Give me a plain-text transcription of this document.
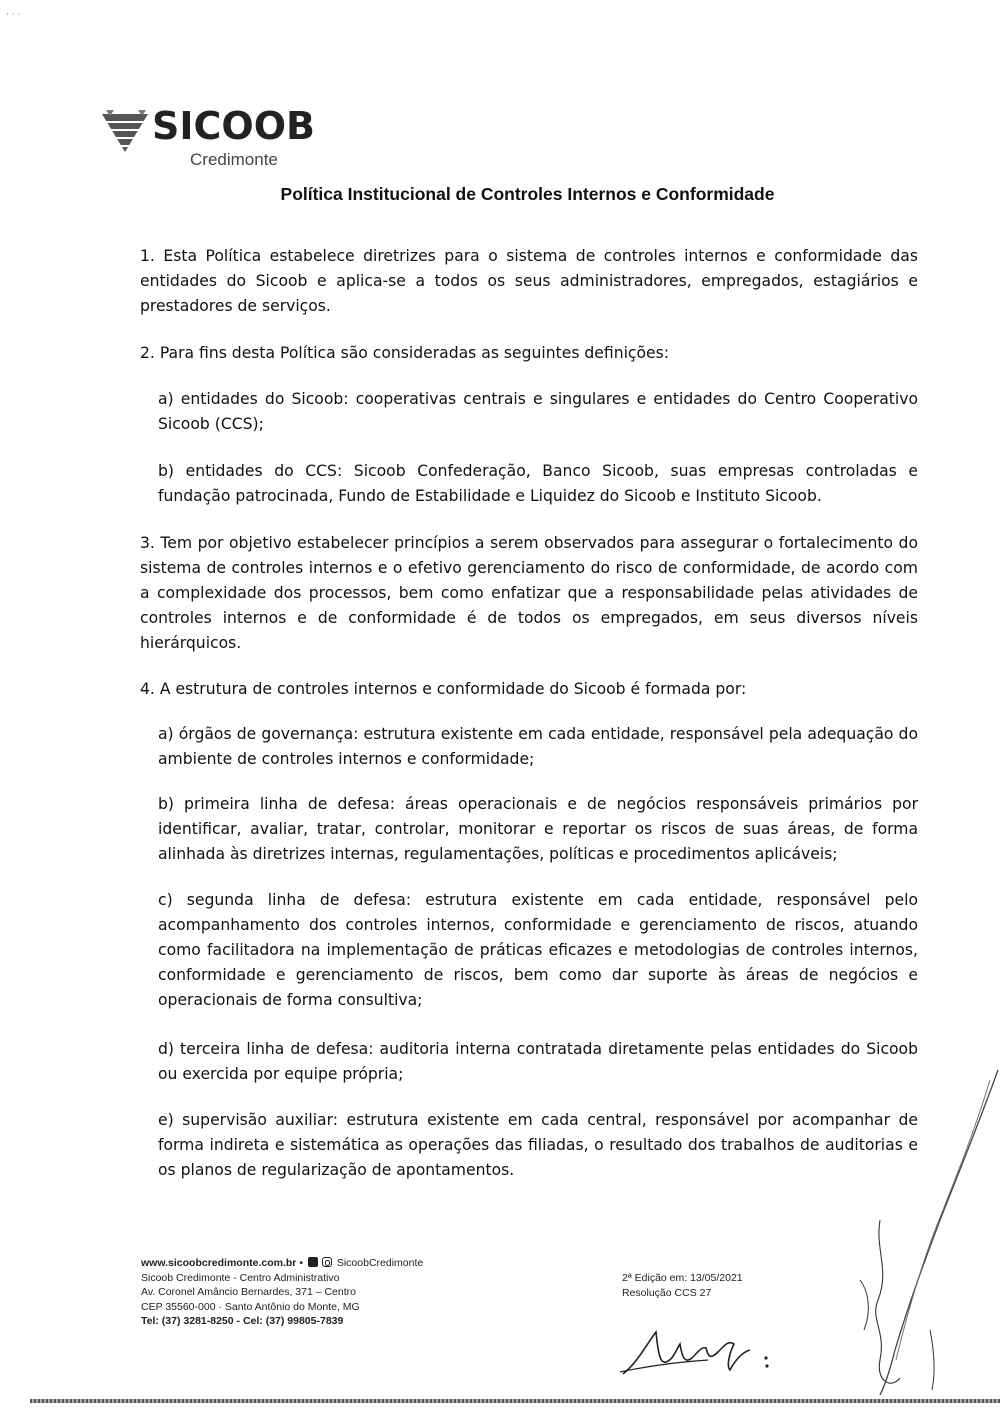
· · ·
SICOOB
Credimonte
Política Institucional de Controles Internos e Conformidade
1. Esta Política estabelece diretrizes para o sistema de controles internos e conformidade das entidades do Sicoob e aplica-se a todos os seus administradores, empregados, estagiários e prestadores de serviços.
2. Para fins desta Política são consideradas as seguintes definições:
a) entidades do Sicoob: cooperativas centrais e singulares e entidades do Centro Cooperativo Sicoob (CCS);
b) entidades do CCS: Sicoob Confederação, Banco Sicoob, suas empresas controladas e fundação patrocinada, Fundo de Estabilidade e Liquidez do Sicoob e Instituto Sicoob.
3. Tem por objetivo estabelecer princípios a serem observados para assegurar o fortalecimento do sistema de controles internos e o efetivo gerenciamento do risco de conformidade, de acordo com a complexidade dos processos, bem como enfatizar que a responsabilidade pelas atividades de controles internos e de conformidade é de todos os empregados, em seus diversos níveis hierárquicos.
4. A estrutura de controles internos e conformidade do Sicoob é formada por:
a) órgãos de governança: estrutura existente em cada entidade, responsável pela adequação do ambiente de controles internos e conformidade;
b) primeira linha de defesa: áreas operacionais e de negócios responsáveis primários por identificar, avaliar, tratar, controlar, monitorar e reportar os riscos de suas áreas, de forma alinhada às diretrizes internas, regulamentações, políticas e procedimentos aplicáveis;
c) segunda linha de defesa: estrutura existente em cada entidade, responsável pelo acompanhamento dos controles internos, conformidade e gerenciamento de riscos, atuando como facilitadora na implementação de práticas eficazes e metodologias de controles internos, conformidade e gerenciamento de riscos, bem como dar suporte às áreas de negócios e operacionais de forma consultiva;
d) terceira linha de defesa: auditoria interna contratada diretamente pelas entidades do Sicoob ou exercida por equipe própria;
e) supervisão auxiliar: estrutura existente em cada central, responsável por acompanhar de forma indireta e sistemática as operações das filiadas, o resultado dos trabalhos de auditorias e os planos de regularização de apontamentos.
www.sicoobcredimonte.com.br •	SicoobCredimonte
Sicoob Credimonte - Centro Administrativo
Av. Coronel Amâncio Bernardes, 371 – Centro
CEP 35560-000 · Santo Antônio do Monte, MG
Tel: (37) 3281-8250 - Cel: (37) 99805-7839
2ª Edição em: 13/05/2021
Resolução CCS 27
